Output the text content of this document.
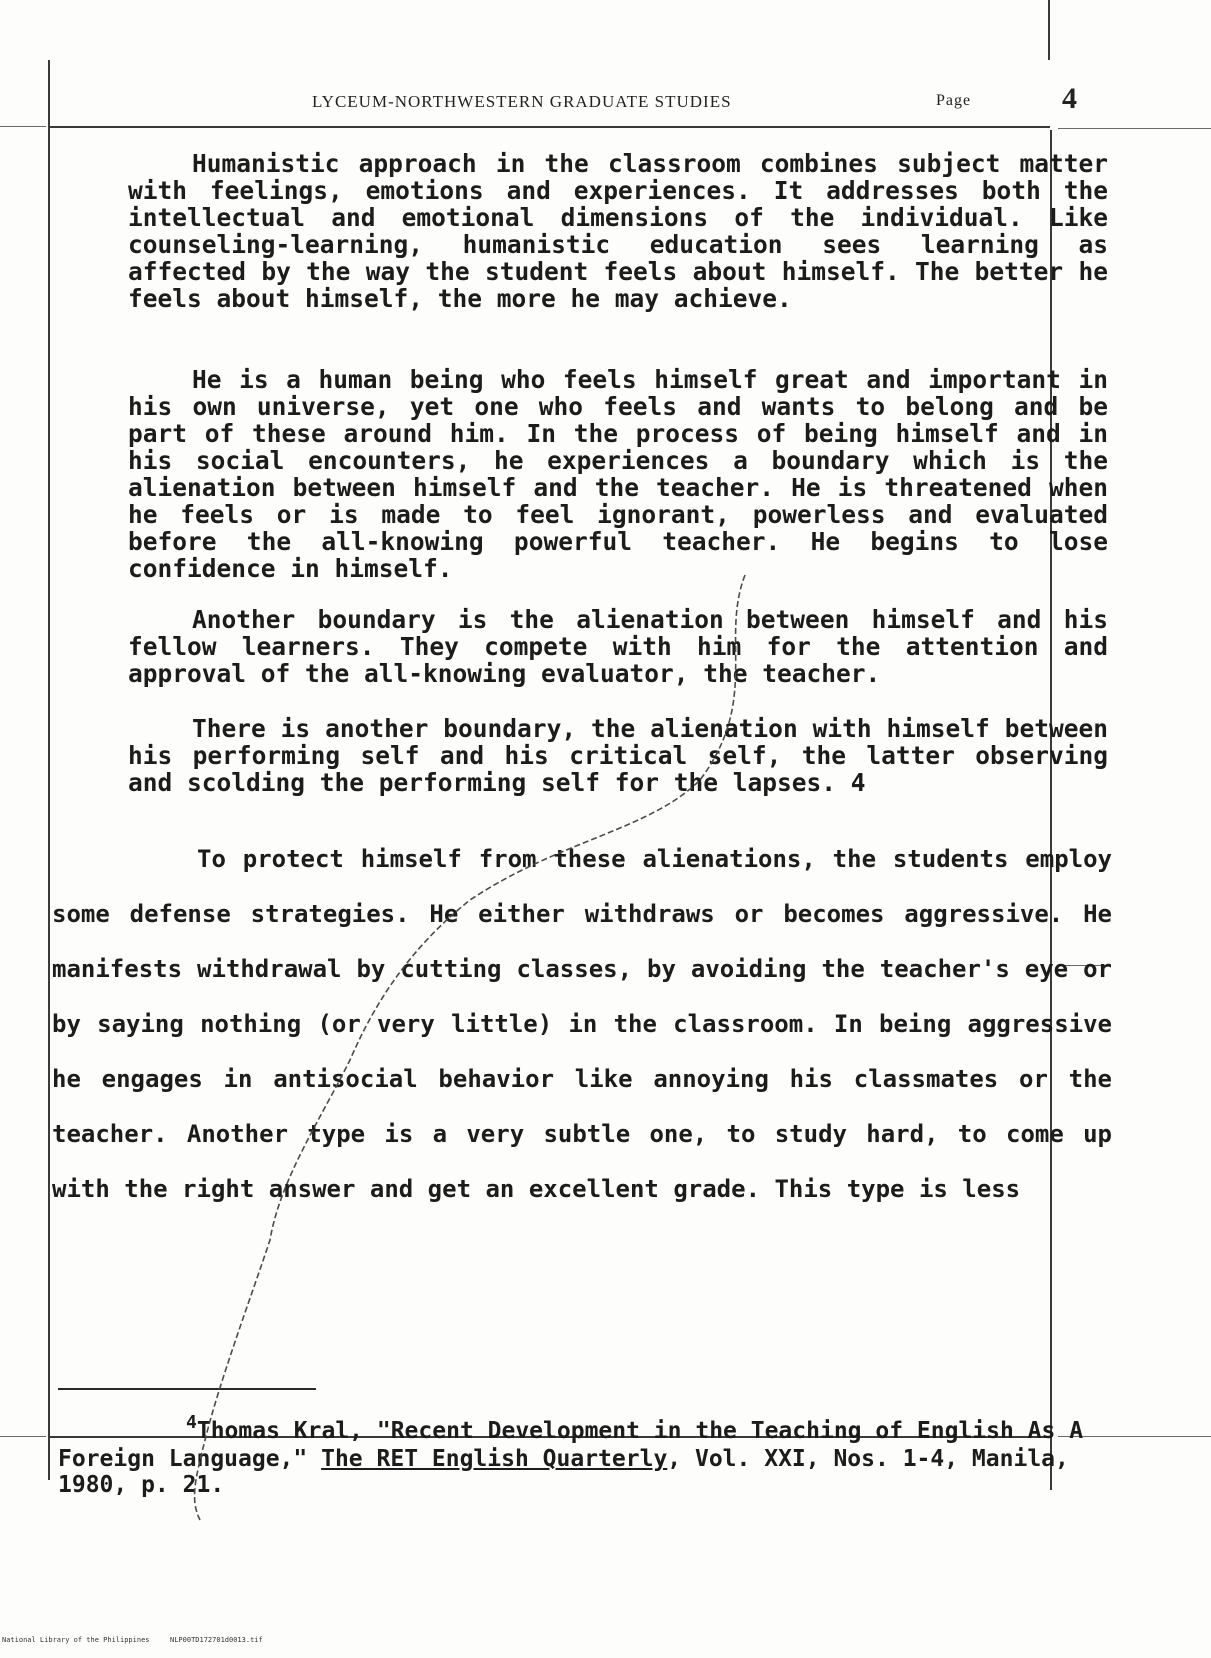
LYCEUM-NORTHWESTERN GRADUATE STUDIES	Page	4
Humanistic approach in the classroom combines subject matter with feelings, emotions and experiences. It addresses both the intellectual and emotional dimensions of the individual. Like counseling-learning, humanistic education sees learning as affected by the way the student feels about himself. The better he feels about himself, the more he may achieve.
He is a human being who feels himself great and important in his own universe, yet one who feels and wants to belong and be part of these around him. In the process of being himself and in his social encounters, he experiences a boundary which is the alienation between himself and the teacher. He is threatened when he feels or is made to feel ignorant, powerless and evaluated before the all-knowing powerful teacher. He begins to lose confidence in himself.
Another boundary is the alienation between himself and his fellow learners. They compete with him for the attention and approval of the all-knowing evaluator, the teacher.
There is another boundary, the alienation with himself between his performing self and his critical self, the latter observing and scolding the performing self for the lapses. 4
To protect himself from these alienations, the students employ some defense strategies. He either withdraws or becomes aggressive. He manifests withdrawal by cutting classes, by avoiding the teacher's eye or by saying nothing (or very little) in the classroom. In being aggressive he engages in antisocial behavior like annoying his classmates or the teacher. Another type is a very subtle one, to study hard, to come up with the right answer and get an excellent grade. This type is less
$^4$Thomas Kral, "Recent Development in the Teaching of English As A Foreign Language," The RET English Quarterly, Vol. XXI, Nos. 1-4, Manila, 1980, p. 21.
National Library of the Philippines	NLP00TD172701d0013.tif
